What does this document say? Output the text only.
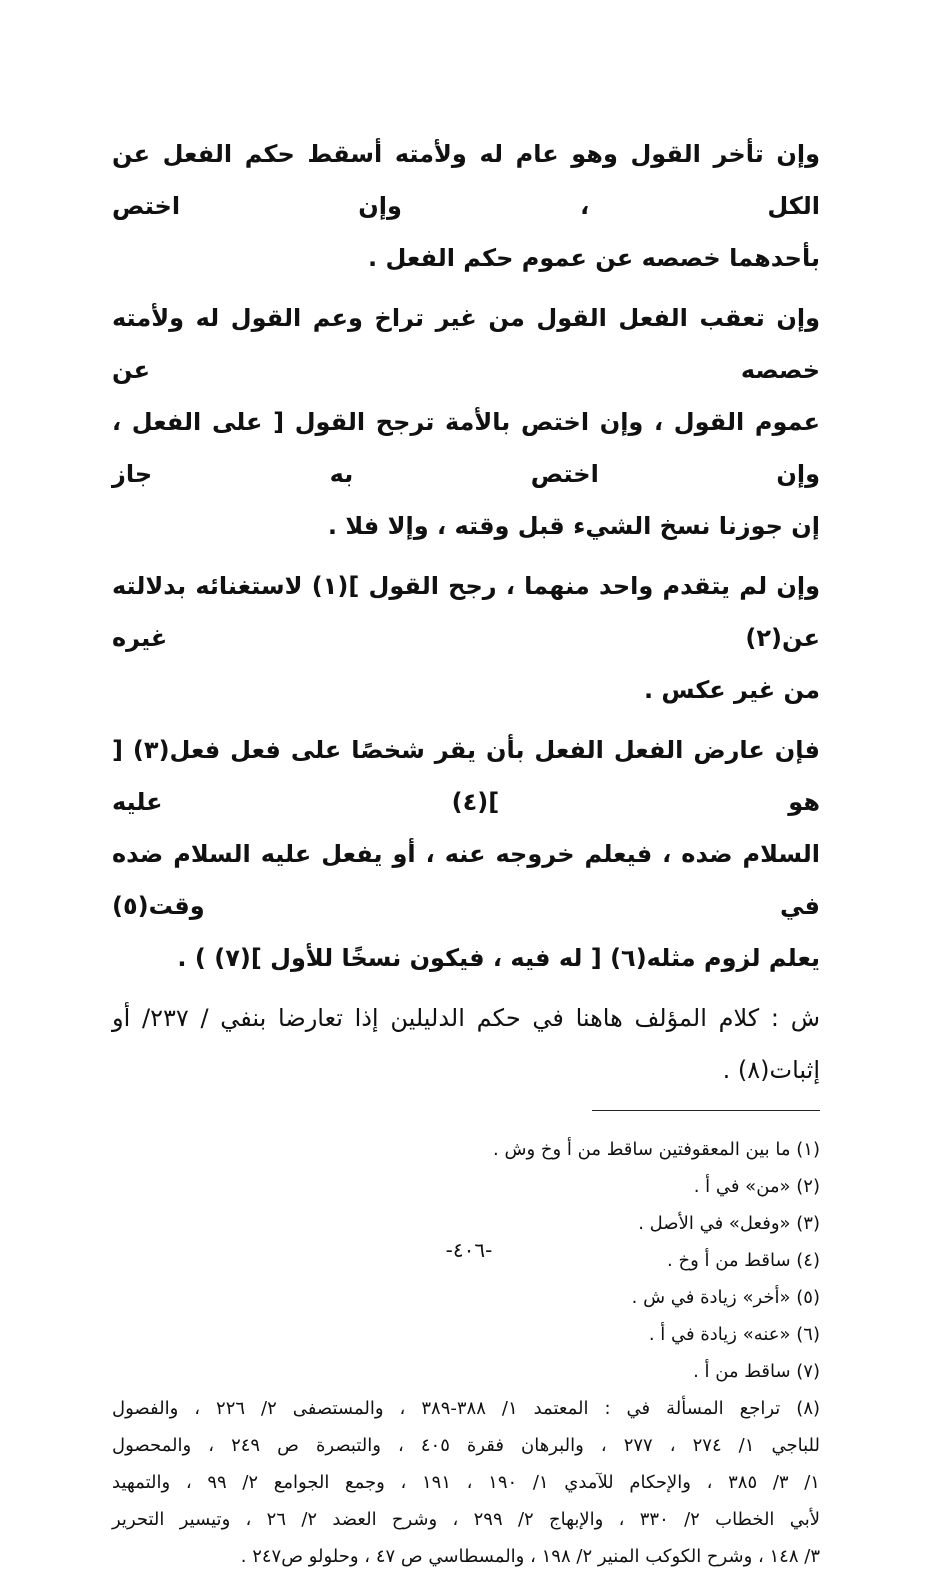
وإن تأخر القول وهو عام له ولأمته أسقط حكم الفعل عن الكل ، وإن اختص
بأحدهما خصصه عن عموم حكم الفعل .

وإن تعقب الفعل القول من غير تراخ وعم القول له ولأمته خصصه عن
عموم القول ، وإن اختص بالأمة ترجح القول [ على الفعل ، وإن اختص به جاز
إن جوزنا نسخ الشيء قبل وقته ، وإلا فلا .

وإن لم يتقدم واحد منهما ، رجح القول ](١) لاستغنائه بدلالته عن(٢) غيره
من غير عكس .

فإن عارض الفعل الفعل بأن يقر شخصًا على فعل فعل(٣) [ هو ](٤) عليه
السلام ضده ، فيعلم خروجه عنه ، أو يفعل عليه السلام ضده في وقت(٥)
يعلم لزوم مثله(٦) [ له فيه ، فيكون نسخًا للأول ](٧) ) .

ش : كلام المؤلف هاهنا في حكم الدليلين إذا تعارضا بنفي / ٢٣٧/ أو
إثبات(٨) .

(١) ما بين المعقوفتين ساقط من أ وخ وش .
(٢) «من» في أ .
(٣) «وفعل» في الأصل .
(٤) ساقط من أ وخ .
(٥) «أخر» زيادة في ش .
(٦) «عنه» زيادة في أ .
(٧) ساقط من أ .
(٨) تراجع المسألة في : المعتمد ١/ ٣٨٨-٣٨٩ ، والمستصفى ٢/ ٢٢٦ ، والفصول
للباجي ١/ ٢٧٤ ، ٢٧٧ ، والبرهان فقرة ٤٠٥ ، والتبصرة ص ٢٤٩ ، والمحصول
١/ ٣/ ٣٨٥ ، والإحكام للآمدي ١/ ١٩٠ ، ١٩١ ، وجمع الجوامع ٢/ ٩٩ ، والتمهيد
لأبي الخطاب ٢/ ٣٣٠ ، والإبهاج ٢/ ٢٩٩ ، وشرح العضد ٢/ ٢٦ ، وتيسير التحرير
٣/ ١٤٨ ، وشرح الكوكب المنير ٢/ ١٩٨ ، والمسطاسي ص ٤٧ ، وحلولو ص٢٤٧ .
-٤٠٦-
